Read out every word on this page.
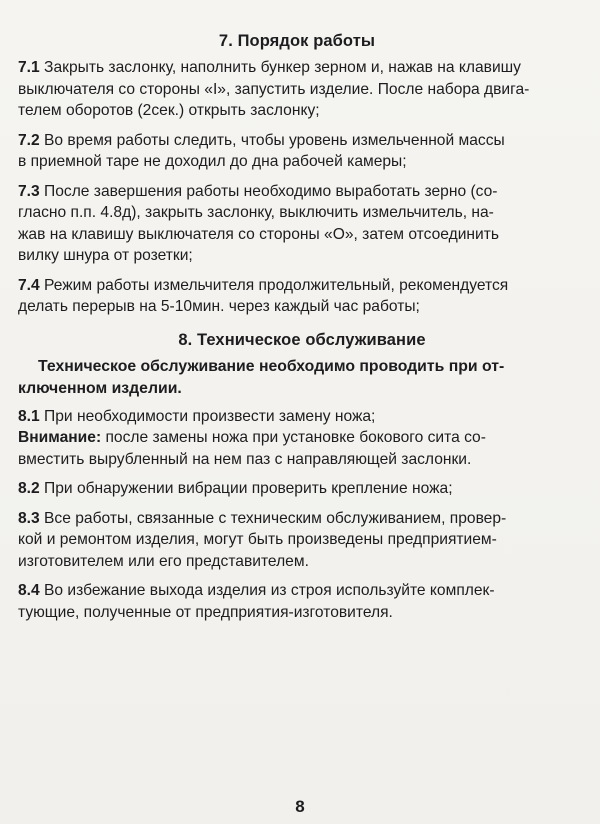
7. Порядок работы

7.1 Закрыть заслонку, наполнить бункер зерном и, нажав на клавишу
выключателя со стороны «I», запустить изделие. После набора двига-
телем оборотов (2сек.) открыть заслонку;

7.2 Во время работы следить, чтобы уровень измельченной массы
в приемной таре не доходил до дна рабочей камеры;

7.3 После завершения работы необходимо выработать зерно (со-
гласно п.п. 4.8д), закрыть заслонку, выключить измельчитель, на-
жав на клавишу выключателя со стороны «О», затем отсоединить
вилку шнура от розетки;

7.4 Режим работы измельчителя продолжительный, рекомендуется
делать перерыв на 5-10мин. через каждый час работы;

8. Техническое обслуживание

Техническое обслуживание необходимо проводить при от-
ключенном изделии.

8.1 При необходимости произвести замену ножа;

Внимание: после замены ножа при установке бокового сита со-
вместить вырубленный на нем паз с направляющей заслонки.

8.2 При обнаружении вибрации проверить крепление ножа;

8.3 Все работы, связанные с техническим обслуживанием, провер-
кой и ремонтом изделия, могут быть произведены предприятием-
изготовителем или его представителем.

8.4 Во избежание выхода изделия из строя используйте комплек-
тующие, полученные от предприятия-изготовителя.

8
